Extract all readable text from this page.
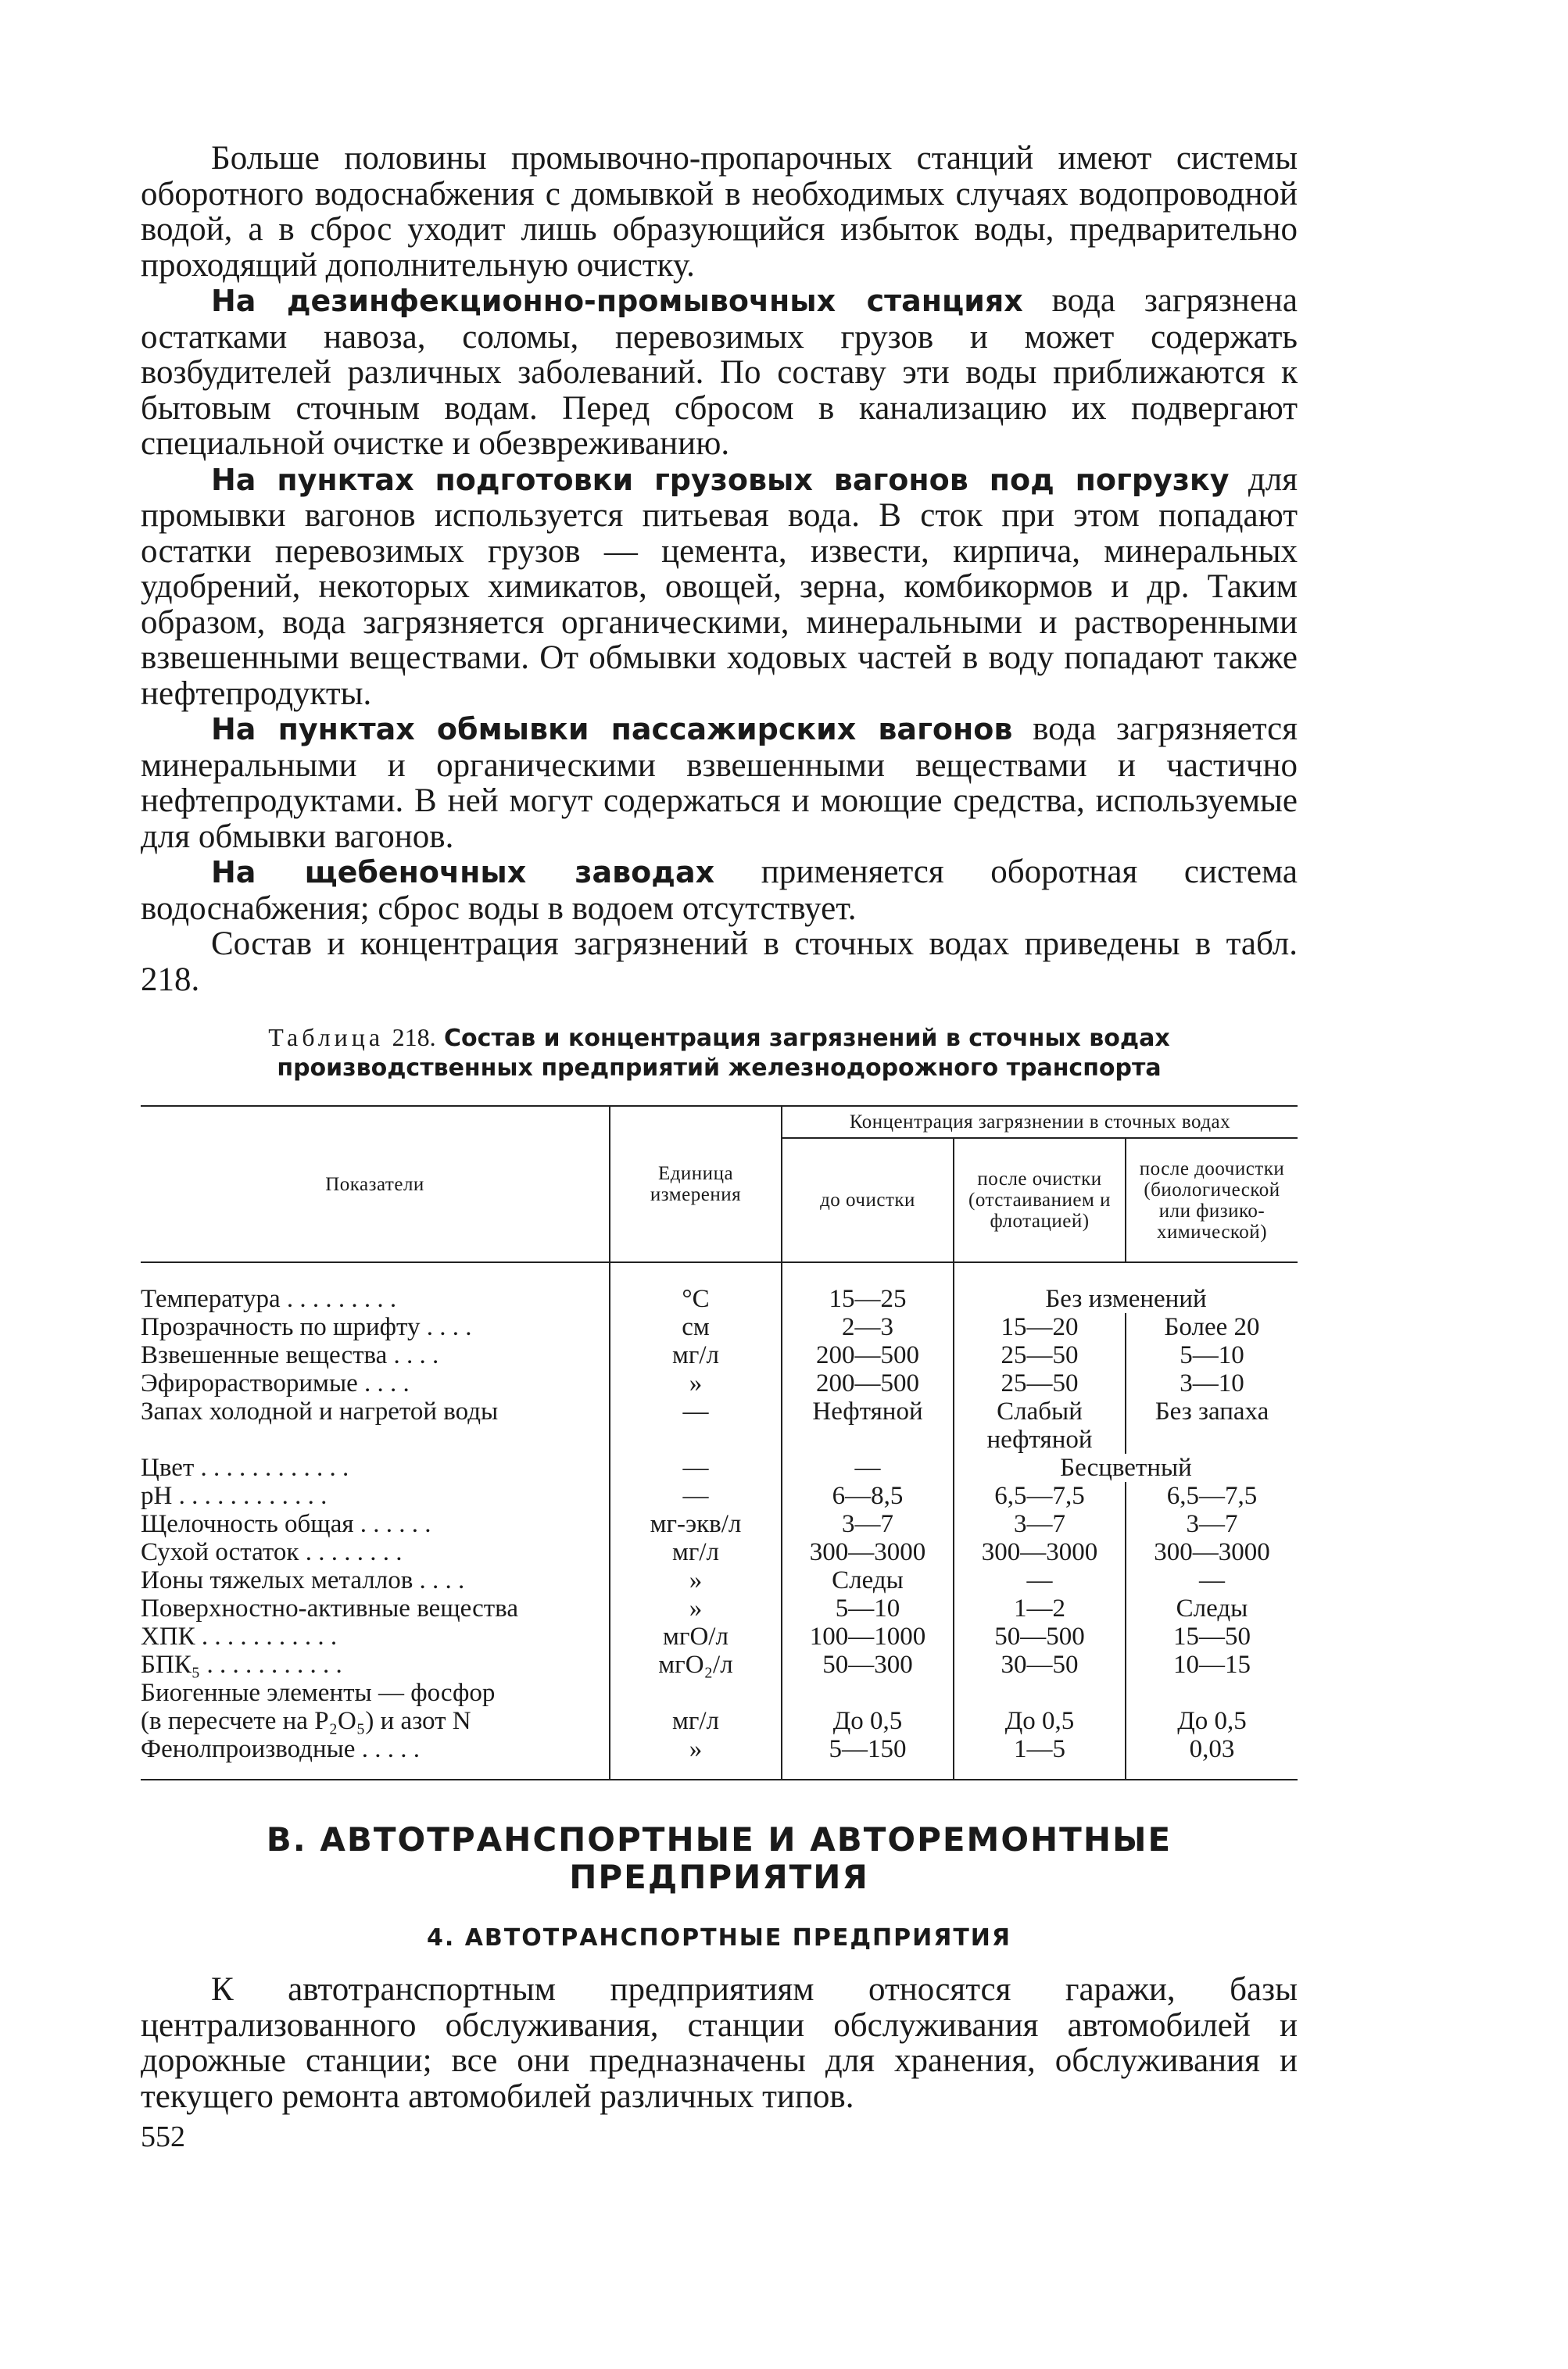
Больше половины промывочно-пропарочных станций имеют системы оборотного водоснабжения с домывкой в необходимых случаях водопроводной водой, а в сброс уходит лишь образующийся избыток воды, предварительно проходящий дополнительную очистку.

На дезинфекционно-промывочных станциях вода загрязнена остатками навоза, соломы, перевозимых грузов и может содержать возбудителей различных заболеваний. По составу эти воды приближаются к бытовым сточным водам. Перед сбросом в канализацию их подвергают специальной очистке и обезвреживанию.

На пунктах подготовки грузовых вагонов под погрузку для промывки вагонов используется питьевая вода. В сток при этом попадают остатки перевозимых грузов — цемента, извести, кирпича, минеральных удобрений, некоторых химикатов, овощей, зерна, комбикормов и др. Таким образом, вода загрязняется органическими, минеральными и растворенными взвешенными веществами. От обмывки ходовых частей в воду попадают также нефтепродукты.

На пунктах обмывки пассажирских вагонов вода загрязняется минеральными и органическими взвешенными веществами и частично нефтепродуктами. В ней могут содержаться и моющие средства, используемые для обмывки вагонов.

На щебеночных заводах применяется оборотная система водоснабжения; сброс воды в водоем отсутствует.

Состав и концентрация загрязнений в сточных водах приведены в табл. 218.

Таблица 218. Состав и концентрация загрязнений в сточных водах
производственных предприятий железнодорожного транспорта
Показатели	Единица измерения	Концентрация загрязнении в сточных водах		
		до очистки	после очистки (отстаиванием и флотацией)	после доочистки (биологической или физико-химической)
Температура . . . . . . . . .	°С	15—25	Без изменений	
Прозрачность по шрифту . . . .	см	2—3	15—20	Более 20
Взвешенные вещества . . . .	мг/л	200—500	25—50	5—10
Эфирорастворимые . . . .	»	200—500	25—50	3—10
Запах холодной и нагретой воды	—	Нефтяной	Слабый нефтяной	Без запаха
Цвет . . . . . . . . . . . .	—	—	Бесцветный	
pH . . . . . . . . . . . .	—	6—8,5	6,5—7,5	6,5—7,5
Щелочность общая . . . . . .	мг-экв/л	3—7	3—7	3—7
Сухой остаток . . . . . . . .	мг/л	300—3000	300—3000	300—3000
Ионы тяжелых металлов . . . .	»	Следы	—	—
Поверхностно-активные вещества	»	5—10	1—2	Следы
ХПК . . . . . . . . . . .	мгО/л	100—1000	50—500	15—50
БПК₅ . . . . . . . . . . .	мгО₂/л	50—300	30—50	10—15
Биогенные элементы — фосфор				
(в пересчете на P₂O₅) и азот N	мг/л	До 0,5	До 0,5	До 0,5
Фенолпроизводные . . . . .	»	5—150	1—5	0,03
В. АВТОТРАНСПОРТНЫЕ И АВТОРЕМОНТНЫЕ
ПРЕДПРИЯТИЯ
4. АВТОТРАНСПОРТНЫЕ ПРЕДПРИЯТИЯ

К автотранспортным предприятиям относятся гаражи, базы централизованного обслуживания, станции обслуживания автомобилей и дорожные станции; все они предназначены для хранения, обслуживания и текущего ремонта автомобилей различных типов.

552
